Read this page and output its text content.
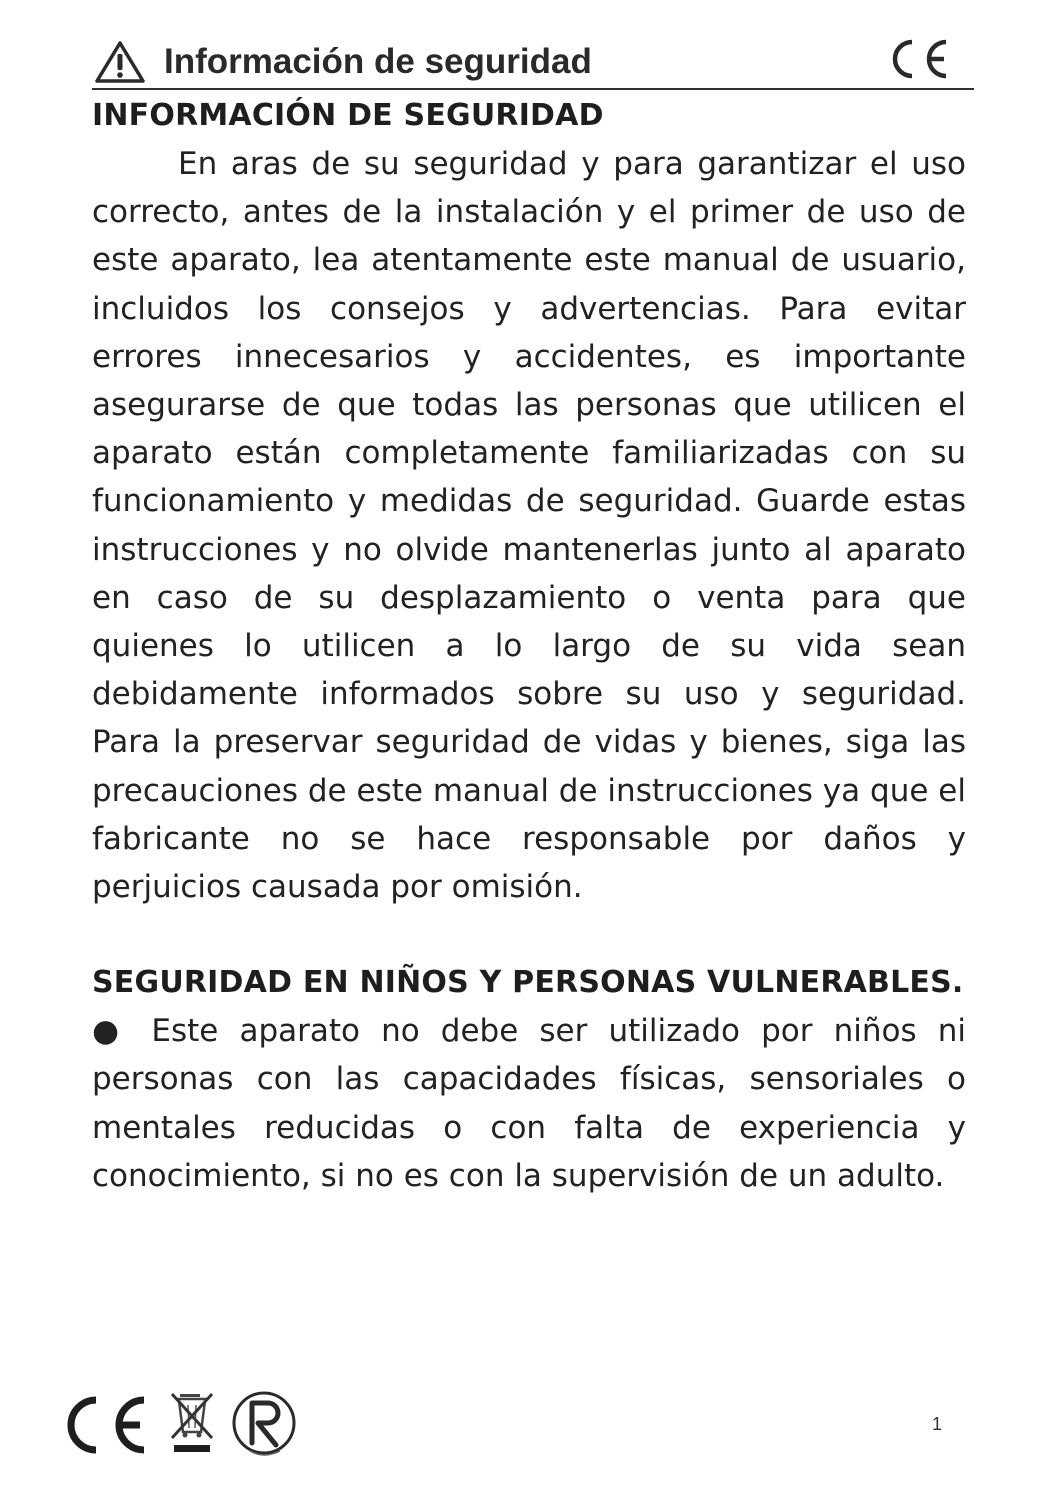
Información de seguridad
INFORMACIÓN DE SEGURIDAD

En aras de su seguridad y para garantizar el uso correcto, antes de la instalación y el primer de uso de este aparato, lea atentamente este manual de usuario, incluidos los consejos y advertencias. Para evitar errores innecesarios y accidentes, es importante asegurarse de que todas las personas que utilicen el aparato están completamente familiarizadas con su funcionamiento y medidas de seguridad. Guarde estas instrucciones y no olvide mantenerlas junto al aparato en caso de su desplazamiento o venta para que quienes lo utilicen a lo largo de su vida sean debidamente informados sobre su uso y seguridad. Para la preservar seguridad de vidas y bienes, siga las precauciones de este manual de instrucciones ya que el fabricante no se hace responsable por daños y perjuicios causada por omisión.

SEGURIDAD EN NIÑOS Y PERSONAS VULNERABLES.

● Este aparato no debe ser utilizado por niños ni personas con las capacidades físicas, sensoriales o mentales reducidas o con falta de experiencia y conocimiento, si no es con la supervisión de un adulto.

1
